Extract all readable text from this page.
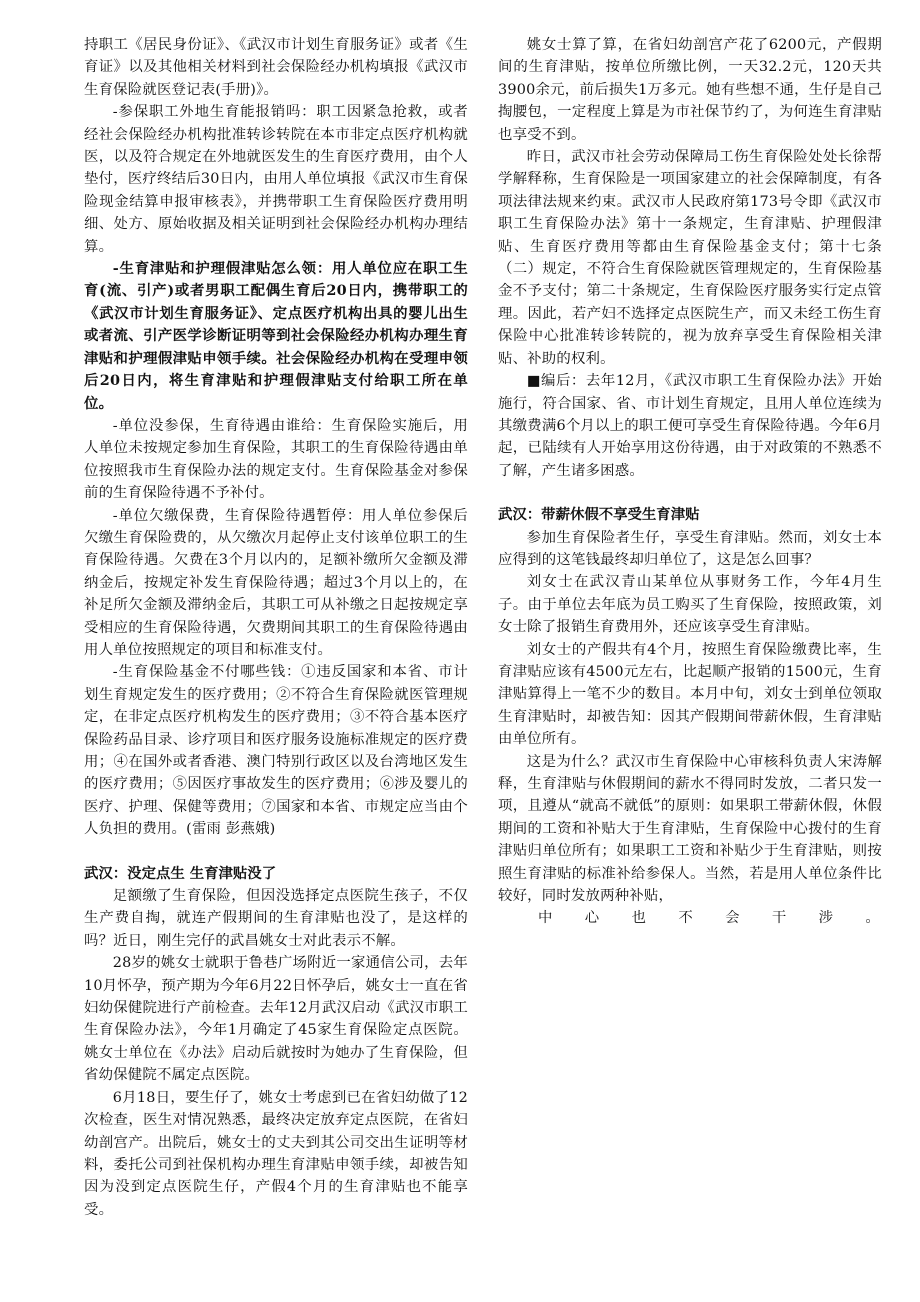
持职工《居民身份证》、《武汉市计划生育服务证》或者《生育证》以及其他相关材料到社会保险经办机构填报《武汉市生育保险就医登记表(手册)》。

-参保职工外地生育能报销吗：职工因紧急抢救，或者经社会保险经办机构批准转诊转院在本市非定点医疗机构就医，以及符合规定在外地就医发生的生育医疗费用，由个人垫付，医疗终结后30日内，由用人单位填报《武汉市生育保险现金结算申报审核表》，并携带职工生育保险医疗费用明细、处方、原始收据及相关证明到社会保险经办机构办理结算。

-生育津贴和护理假津贴怎么领：用人单位应在职工生育(流、引产)或者男职工配偶生育后20日内，携带职工的《武汉市计划生育服务证》、定点医疗机构出具的婴儿出生或者流、引产医学诊断证明等到社会保险经办机构办理生育津贴和护理假津贴申领手续。社会保险经办机构在受理申领后20日内，将生育津贴和护理假津贴支付给职工所在单位。

-单位没参保，生育待遇由谁给：生育保险实施后，用人单位未按规定参加生育保险，其职工的生育保险待遇由单位按照我市生育保险办法的规定支付。生育保险基金对参保前的生育保险待遇不予补付。

-单位欠缴保费，生育保险待遇暂停：用人单位参保后欠缴生育保险费的，从欠缴次月起停止支付该单位职工的生育保险待遇。欠费在3个月以内的，足额补缴所欠金额及滞纳金后，按规定补发生育保险待遇；超过3个月以上的，在补足所欠金额及滞纳金后，其职工可从补缴之日起按规定享受相应的生育保险待遇，欠费期间其职工的生育保险待遇由用人单位按照规定的项目和标准支付。

-生育保险基金不付哪些钱：①违反国家和本省、市计划生育规定发生的医疗费用；②不符合生育保险就医管理规定，在非定点医疗机构发生的医疗费用；③不符合基本医疗保险药品目录、诊疗项目和医疗服务设施标准规定的医疗费用；④在国外或者香港、澳门特别行政区以及台湾地区发生的医疗费用；⑤因医疗事故发生的医疗费用；⑥涉及婴儿的医疗、护理、保健等费用；⑦国家和本省、市规定应当由个人负担的费用。(雷雨 彭燕娥)

武汉：没定点生 生育津贴没了

足额缴了生育保险，但因没选择定点医院生孩子，不仅生产费自掏，就连产假期间的生育津贴也没了，是这样的吗？近日，刚生完仔的武昌姚女士对此表示不解。

28岁的姚女士就职于鲁巷广场附近一家通信公司，去年10月怀孕，预产期为今年6月22日怀孕后，姚女士一直在省妇幼保健院进行产前检查。去年12月武汉启动《武汉市职工生育保险办法》，今年1月确定了45家生育保险定点医院。姚女士单位在《办法》启动后就按时为她办了生育保险，但省幼保健院不属定点医院。

6月18日，要生仔了，姚女士考虑到已在省妇幼做了12次检查，医生对情况熟悉，最终决定放弃定点医院，在省妇幼剖宫产。出院后，姚女士的丈夫到其公司交出生证明等材料，委托公司到社保机构办理生育津贴申领手续，却被告知因为没到定点医院生仔，产假4个月的生育津贴也不能享受。

姚女士算了算，在省妇幼剖宫产花了6200元，产假期间的生育津贴，按单位所缴比例，一天32.2元，120天共3900余元，前后损失1万多元。她有些想不通，生仔是自己掏腰包，一定程度上算是为市社保节约了，为何连生育津贴也享受不到。

昨日，武汉市社会劳动保障局工伤生育保险处处长徐帮学解释称，生育保险是一项国家建立的社会保障制度，有各项法律法规来约束。武汉市人民政府第173号令即《武汉市职工生育保险办法》第十一条规定，生育津贴、护理假津贴、生育医疗费用等都由生育保险基金支付；第十七条（二）规定，不符合生育保险就医管理规定的，生育保险基金不予支付；第二十条规定，生育保险医疗服务实行定点管理。因此，若产妇不选择定点医院生产，而又未经工伤生育保险中心批准转诊转院的，视为放弃享受生育保险相关津贴、补助的权利。

■编后：去年12月，《武汉市职工生育保险办法》开始施行，符合国家、省、市计划生育规定，且用人单位连续为其缴费满6个月以上的职工便可享受生育保险待遇。今年6月起，已陆续有人开始享用这份待遇，由于对政策的不熟悉不了解，产生诸多困惑。

武汉：带薪休假不享受生育津贴

参加生育保险者生仔，享受生育津贴。然而，刘女士本应得到的这笔钱最终却归单位了，这是怎么回事？

刘女士在武汉青山某单位从事财务工作，今年4月生子。由于单位去年底为员工购买了生育保险，按照政策，刘女士除了报销生育费用外，还应该享受生育津贴。

刘女士的产假共有4个月，按照生育保险缴费比率，生育津贴应该有4500元左右，比起顺产报销的1500元，生育津贴算得上一笔不少的数目。本月中旬，刘女士到单位领取生育津贴时，却被告知：因其产假期间带薪休假，生育津贴由单位所有。

这是为什么？武汉市生育保险中心审核科负责人宋涛解释，生育津贴与休假期间的薪水不得同时发放，二者只发一项，且遵从“就高不就低”的原则：如果职工带薪休假，休假期间的工资和补贴大于生育津贴，生育保险中心拨付的生育津贴归单位所有；如果职工工资和补贴少于生育津贴，则按照生育津贴的标准补给参保人。当然，若是用人单位条件比较好，同时发放两种补贴，

中心也不会干涉。
